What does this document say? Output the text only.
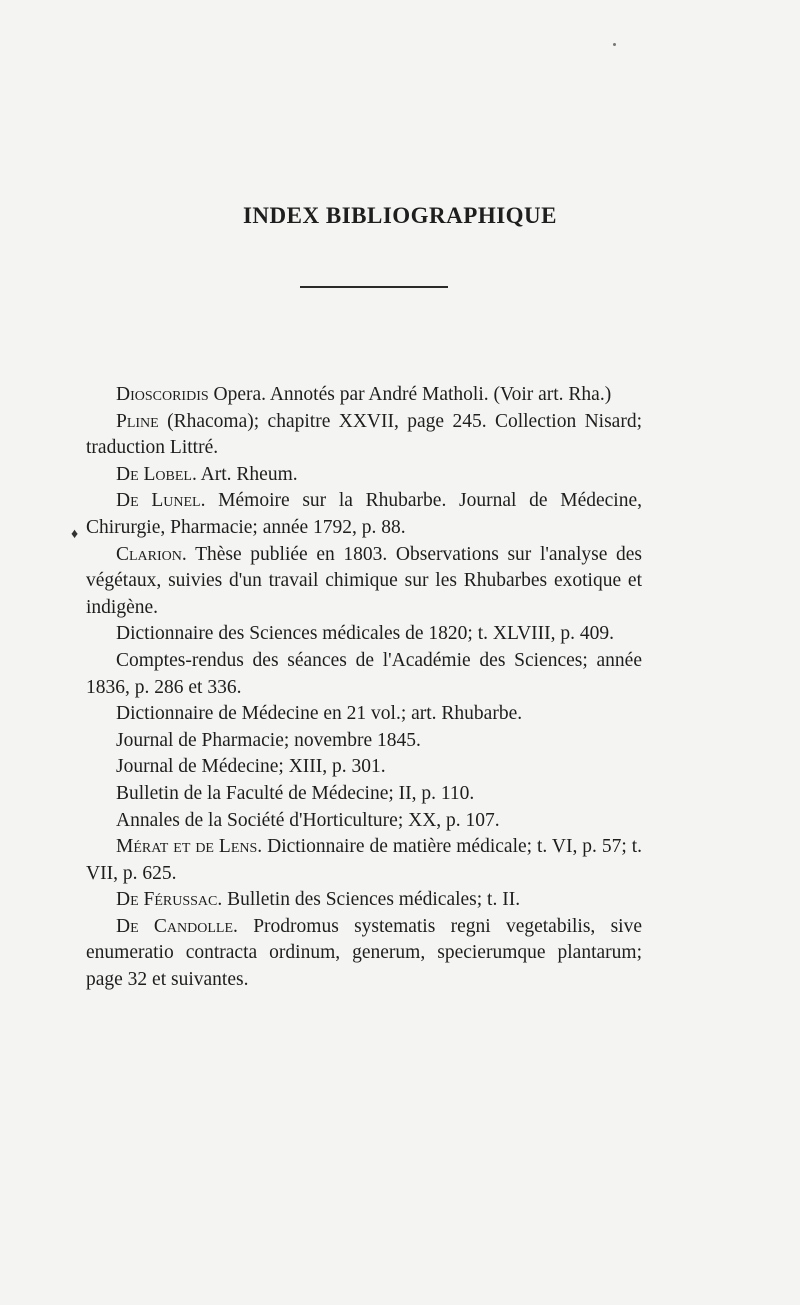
INDEX BIBLIOGRAPHIQUE
♦

Dioscoridis Opera. Annotés par André Matholi. (Voir art. Rha.)

Pline (Rhacoma); chapitre XXVII, page 245. Collection Nisard; traduction Littré.

De Lobel. Art. Rheum.

De Lunel. Mémoire sur la Rhubarbe. Journal de Médecine, Chirurgie, Pharmacie; année 1792, p. 88.

Clarion. Thèse publiée en 1803. Observations sur l'analyse des végétaux, suivies d'un travail chimique sur les Rhubarbes exotique et indigène.

Dictionnaire des Sciences médicales de 1820; t. XLVIII, p. 409.

Comptes-rendus des séances de l'Académie des Sciences; année 1836, p. 286 et 336.

Dictionnaire de Médecine en 21 vol.; art. Rhubarbe.

Journal de Pharmacie; novembre 1845.

Journal de Médecine; XIII, p. 301.

Bulletin de la Faculté de Médecine; II, p. 110.

Annales de la Société d'Horticulture; XX, p. 107.

Mérat et de Lens. Dictionnaire de matière médicale; t. VI, p. 57; t. VII, p. 625.

De Férussac. Bulletin des Sciences médicales; t. II.

De Candolle. Prodromus systematis regni vegetabilis, sive enumeratio contracta ordinum, generum, specierumque plantarum; page 32 et suivantes.
